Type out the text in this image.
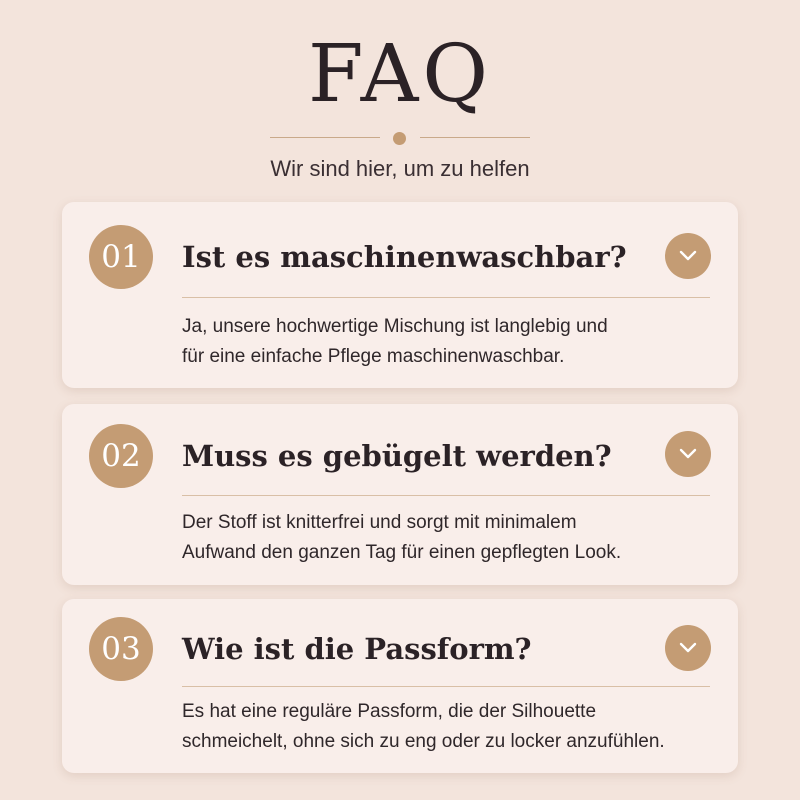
FAQ
Wir sind hier, um zu helfen
01	Ist es maschinenwaschbar?
Ja, unsere hochwertige Mischung ist langlebig und
für eine einfache Pflege maschinenwaschbar.
02	Muss es gebügelt werden?
Der Stoff ist knitterfrei und sorgt mit minimalem
Aufwand den ganzen Tag für einen gepflegten Look.
03	Wie ist die Passform?
Es hat eine reguläre Passform, die der Silhouette
schmeichelt, ohne sich zu eng oder zu locker anzufühlen.
